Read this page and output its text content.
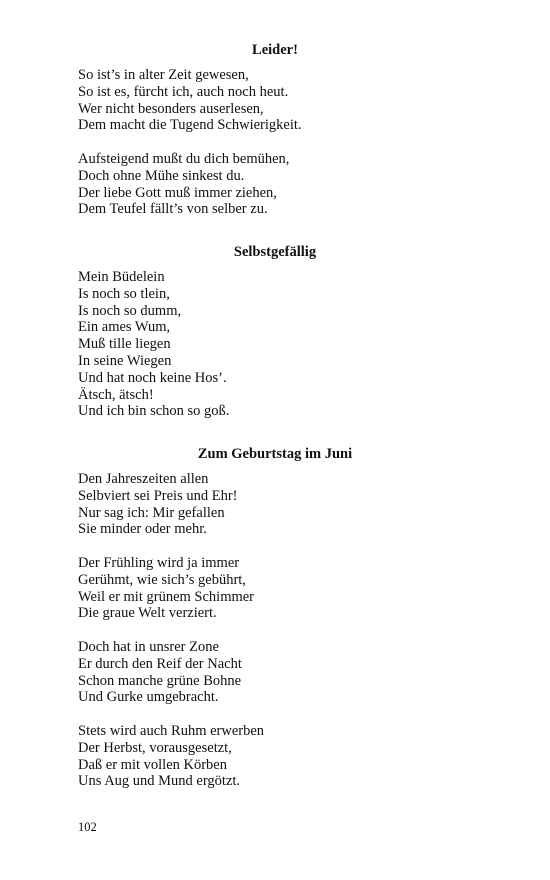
Leider!
So ist’s in alter Zeit gewesen,
So ist es, fürcht ich, auch noch heut.
Wer nicht besonders auserlesen,
Dem macht die Tugend Schwierigkeit.
Aufsteigend mußt du dich bemühen,
Doch ohne Mühe sinkest du.
Der liebe Gott muß immer ziehen,
Dem Teufel fällt’s von selber zu.
Selbstgefällig
Mein Büdelein
Is noch so tlein,
Is noch so dumm,
Ein ames Wum,
Muß tille liegen
In seine Wiegen
Und hat noch keine Hos’.
Ätsch, ätsch!
Und ich bin schon so goß.
Zum Geburtstag im Juni
Den Jahreszeiten allen
Selbviert sei Preis und Ehr!
Nur sag ich: Mir gefallen
Sie minder oder mehr.
Der Frühling wird ja immer
Gerühmt, wie sich’s gebührt,
Weil er mit grünem Schimmer
Die graue Welt verziert.
Doch hat in unsrer Zone
Er durch den Reif der Nacht
Schon manche grüne Bohne
Und Gurke umgebracht.
Stets wird auch Ruhm erwerben
Der Herbst, vorausgesetzt,
Daß er mit vollen Körben
Uns Aug und Mund ergötzt.
102
